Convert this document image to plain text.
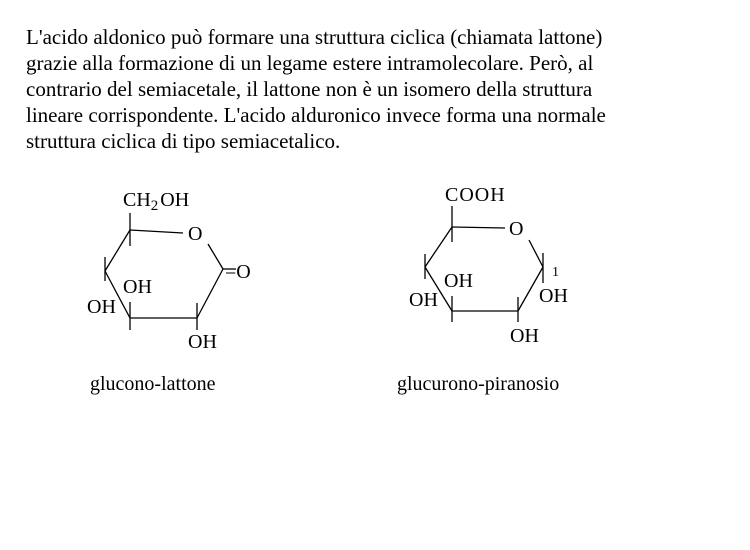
L'acido aldonico può formare una struttura ciclica (chiamata lattone)
grazie alla formazione di un legame estere intramolecolare. Però, al
contrario del semiacetale, il lattone non è un isomero della struttura
lineare corrispondente. L'acido alduronico invece forma una normale
struttura ciclica di tipo semiacetalico.
$CH_2$ OH
O
=O
OH
OH
OH
glucono-lattone
COOH
O
1
OH
OH
OH
OH
glucurono-piranosio
